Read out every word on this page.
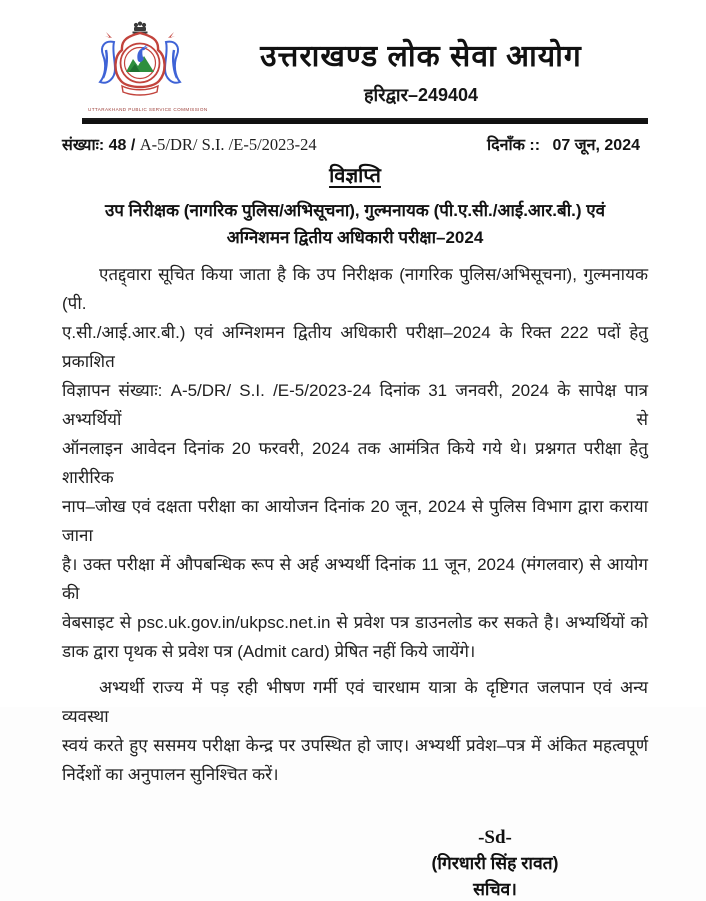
UTTARAKHAND PUBLIC SERVICE COMMISSION
उत्तराखण्ड लोक सेवा आयोग
हरिद्वार–249404
संख्याः: 48 / A-5/DR/ S.I. /E-5/2023-24	दिनाँक :: 07 जून, 2024
विज्ञप्ति
उप निरीक्षक (नागरिक पुलिस/अभिसूचना), गुल्मनायक (पी.ए.सी./आई.आर.बी.) एवं
अग्निशमन द्वितीय अधिकारी परीक्षा–2024
एतद्द्वारा सूचित किया जाता है कि उप निरीक्षक (नागरिक पुलिस/अभिसूचना), गुल्मनायक (पी.
ए.सी./आई.आर.बी.) एवं अग्निशमन द्वितीय अधिकारी परीक्षा–2024 के रिक्त 222 पदों हेतु प्रकाशित
विज्ञापन संख्याः: A-5/DR/ S.I. /E-5/2023-24 दिनांक 31 जनवरी, 2024 के सापेक्ष पात्र अभ्यर्थियों से
ऑनलाइन आवेदन दिनांक 20 फरवरी, 2024 तक आमंत्रित किये गये थे। प्रश्नगत परीक्षा हेतु शारीरिक
नाप–जोख एवं दक्षता परीक्षा का आयोजन दिनांक 20 जून, 2024 से पुलिस विभाग द्वारा कराया जाना
है। उक्त परीक्षा में औपबन्धिक रूप से अर्ह अभ्यर्थी दिनांक 11 जून, 2024 (मंगलवार) से आयोग की
वेबसाइट से psc.uk.gov.in/ukpsc.net.in से प्रवेश पत्र डाउनलोड कर सकते है। अभ्यर्थियों को
डाक द्वारा पृथक से प्रवेश पत्र (Admit card) प्रेषित नहीं किये जायेंगे।
अभ्यर्थी राज्य में पड़ रही भीषण गर्मी एवं चारधाम यात्रा के दृष्टिगत जलपान एवं अन्य व्यवस्था
स्वयं करते हुए ससमय परीक्षा केन्द्र पर उपस्थित हो जाए। अभ्यर्थी प्रवेश–पत्र में अंकित महत्वपूर्ण
निर्देशों का अनुपालन सुनिश्चित करें।
-Sd-
(गिरधारी सिंह रावत)
सचिव।
